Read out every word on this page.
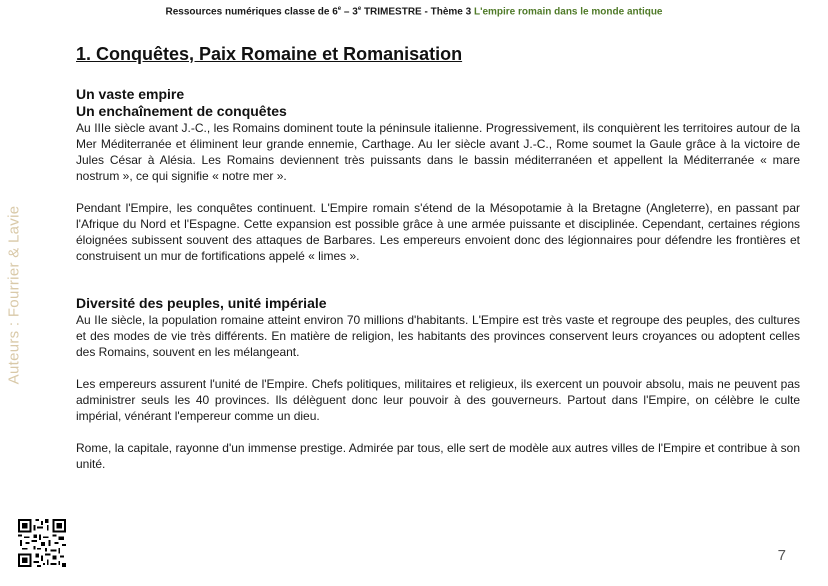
Ressources numériques classe de 6e – 3e TRIMESTRE - Thème 3 L'empire romain dans le monde antique
Auteurs : Fourrier & Lavie
1. Conquêtes, Paix Romaine et Romanisation
Un vaste empire
Un enchaînement de conquêtes

Au IIIe siècle avant J.-C., les Romains dominent toute la péninsule italienne. Progressivement, ils conquièrent les territoires autour de la Mer Méditerranée et éliminent leur grande ennemie, Carthage. Au Ier siècle avant J.-C., Rome soumet la Gaule grâce à la victoire de Jules César à Alésia. Les Romains deviennent très puissants dans le bassin méditerranéen et appellent la Méditerranée « mare nostrum », ce qui signifie « notre mer ».

Pendant l'Empire, les conquêtes continuent. L'Empire romain s'étend de la Mésopotamie à la Bretagne (Angleterre), en passant par l'Afrique du Nord et l'Espagne. Cette expansion est possible grâce à une armée puissante et disciplinée. Cependant, certaines régions éloignées subissent souvent des attaques de Barbares. Les empereurs envoient donc des légionnaires pour défendre les frontières et construisent un mur de fortifications appelé « limes ».

Diversité des peuples, unité impériale

Au IIe siècle, la population romaine atteint environ 70 millions d'habitants. L'Empire est très vaste et regroupe des peuples, des cultures et des modes de vie très différents. En matière de religion, les habitants des provinces conservent leurs croyances ou adoptent celles des Romains, souvent en les mélangeant.

Les empereurs assurent l'unité de l'Empire. Chefs politiques, militaires et religieux, ils exercent un pouvoir absolu, mais ne peuvent pas administrer seuls les 40 provinces. Ils délèguent donc leur pouvoir à des gouverneurs. Partout dans l'Empire, on célèbre le culte impérial, vénérant l'empereur comme un dieu.

Rome, la capitale, rayonne d'un immense prestige. Admirée par tous, elle sert de modèle aux autres villes de l'Empire et contribue à son unité.

7
